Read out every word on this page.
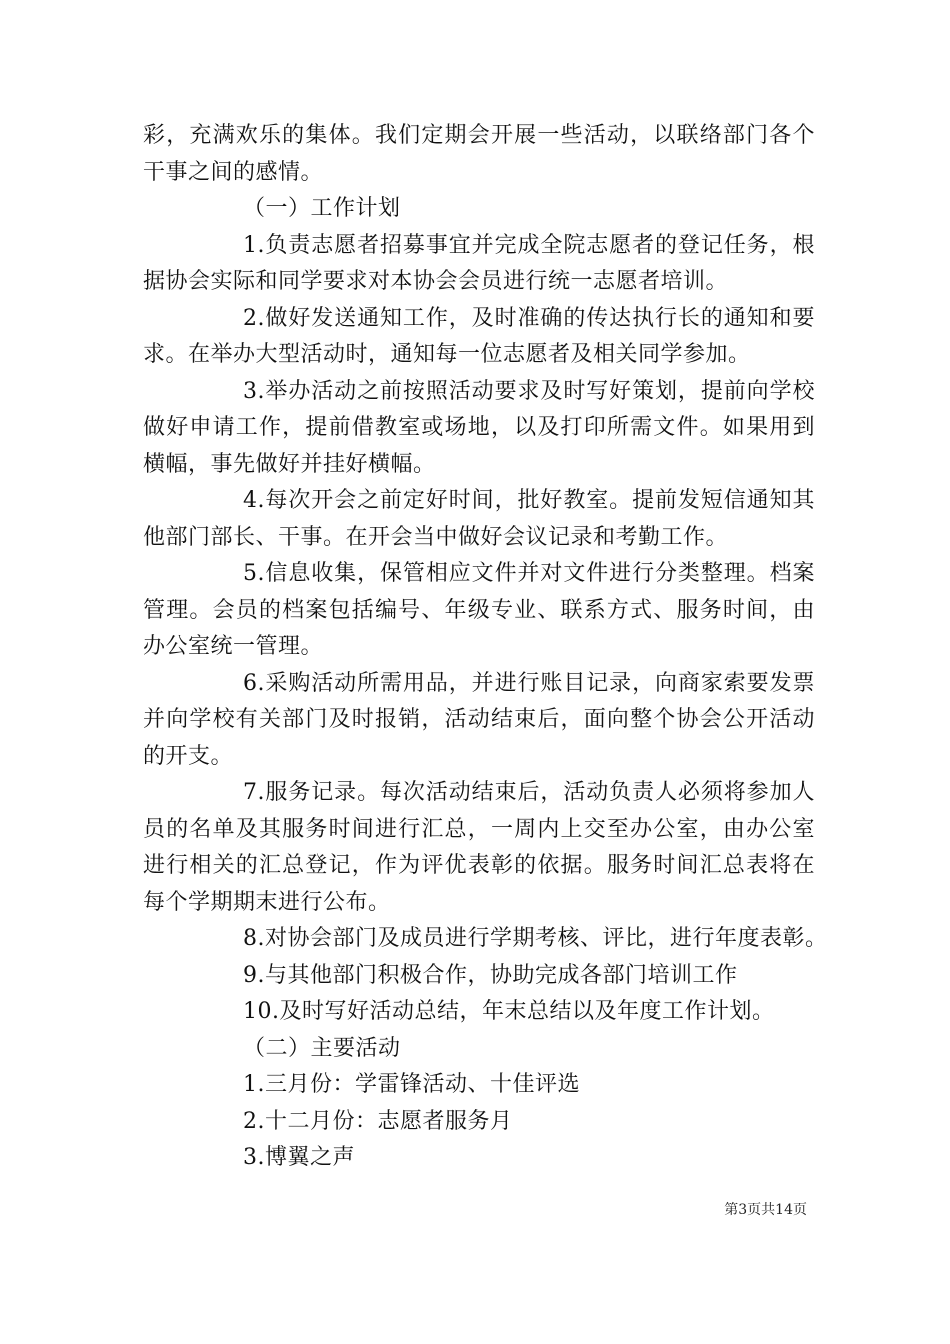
彩，充满欢乐的集体。我们定期会开展一些活动，以联络部门各个干事之间的感情。

（一）工作计划

1.负责志愿者招募事宜并完成全院志愿者的登记任务，根据协会实际和同学要求对本协会会员进行统一志愿者培训。

2.做好发送通知工作，及时准确的传达执行长的通知和要求。在举办大型活动时，通知每一位志愿者及相关同学参加。

3.举办活动之前按照活动要求及时写好策划，提前向学校做好申请工作，提前借教室或场地，以及打印所需文件。如果用到横幅，事先做好并挂好横幅。

4.每次开会之前定好时间，批好教室。提前发短信通知其他部门部长、干事。在开会当中做好会议记录和考勤工作。

5.信息收集，保管相应文件并对文件进行分类整理。档案管理。会员的档案包括编号、年级专业、联系方式、服务时间，由办公室统一管理。

6.采购活动所需用品，并进行账目记录，向商家索要发票并向学校有关部门及时报销，活动结束后，面向整个协会公开活动的开支。

7.服务记录。每次活动结束后，活动负责人必须将参加人员的名单及其服务时间进行汇总，一周内上交至办公室，由办公室进行相关的汇总登记，作为评优表彰的依据。服务时间汇总表将在每个学期期末进行公布。

8.对协会部门及成员进行学期考核、评比，进行年度表彰。

9.与其他部门积极合作，协助完成各部门培训工作

10.及时写好活动总结，年末总结以及年度工作计划。

（二）主要活动

1.三月份：学雷锋活动、十佳评选

2.十二月份：志愿者服务月

3.博翼之声

第3页共14页
